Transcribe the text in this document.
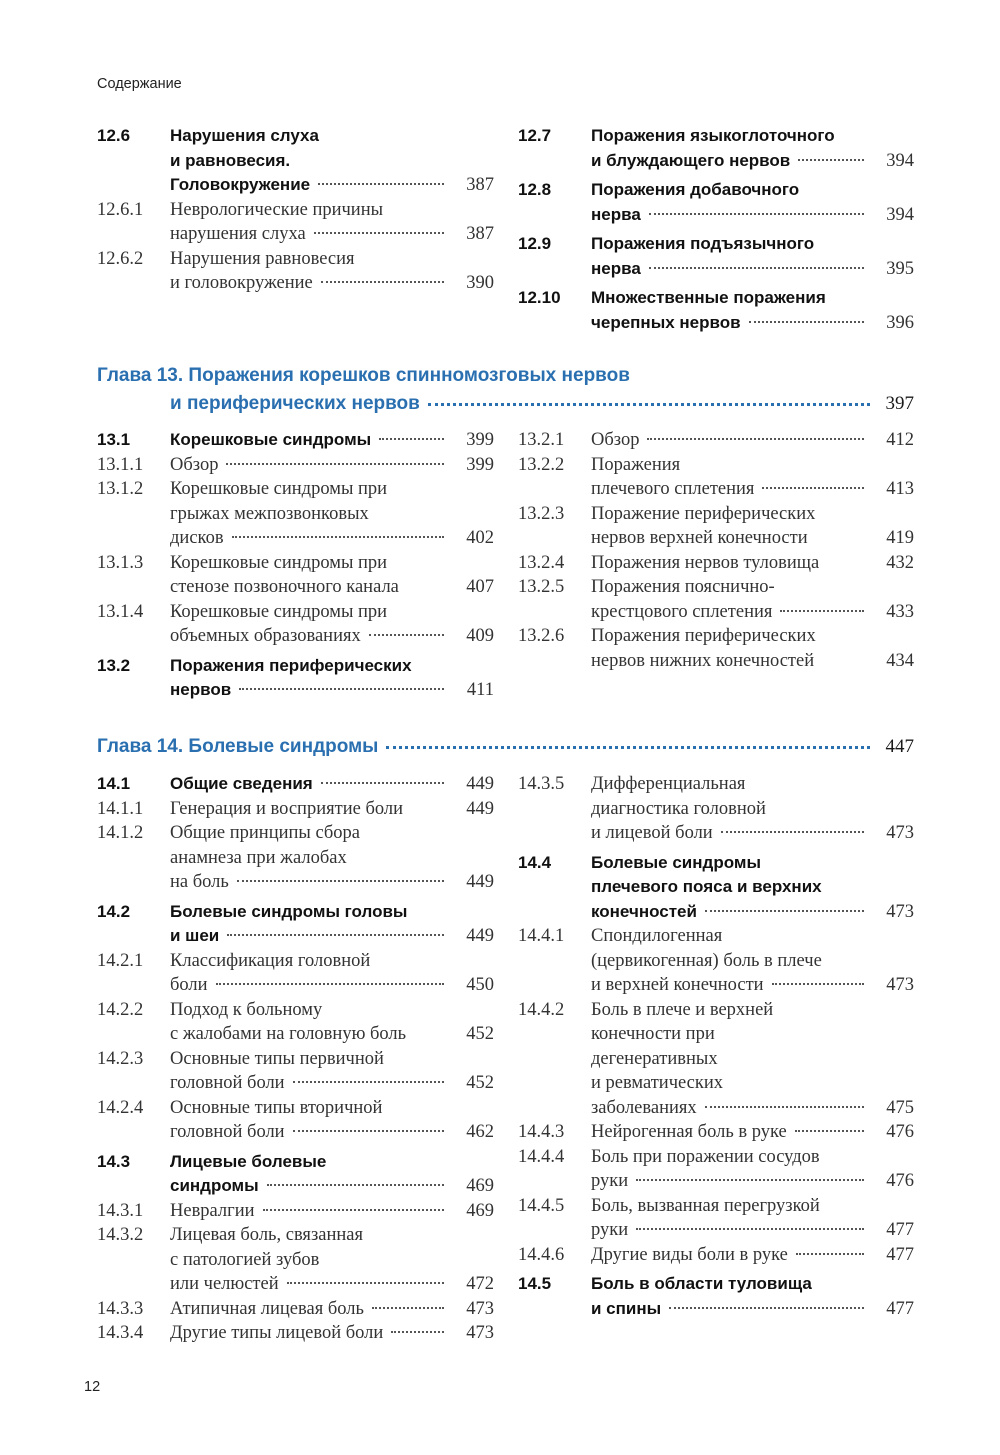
Содержание
12.6	Нарушения слуха
и равновесия.
Головокружение	387
12.6.1	Неврологические причины
нарушения слуха	387
12.6.2	Нарушения равновесия
и головокружение	390
12.7	Поражения языкоглоточного
и блуждающего нервов	394
12.8	Поражения добавочного
нерва	394
12.9	Поражения подъязычного
нерва	395
12.10	Множественные поражения
черепных нервов	396
Глава 13. Поражения корешков спинномозговых нервов
и периферических нервов	397
13.1	Корешковые синдромы	399
13.1.1	Обзор	399
13.1.2	Корешковые синдромы при
грыжах межпозвонковых
дисков	402
13.1.3	Корешковые синдромы при
стенозе позвоночного канала	407
13.1.4	Корешковые синдромы при
объемных образованиях	409
13.2	Поражения периферических
нервов	411
13.2.1	Обзор	412
13.2.2	Поражения
плечевого сплетения	413
13.2.3	Поражение периферических
нервов верхней конечности	419
13.2.4	Поражения нервов туловища	432
13.2.5	Поражения пояснично-
крестцового сплетения	433
13.2.6	Поражения периферических
нервов нижних конечностей	434
Глава 14. Болевые синдромы	447
14.1	Общие сведения	449
14.1.1	Генерация и восприятие боли	449
14.1.2	Общие принципы сбора
анамнеза при жалобах
на боль	449
14.2	Болевые синдромы головы
и шеи	449
14.2.1	Классификация головной
боли	450
14.2.2	Подход к больному
с жалобами на головную боль	452
14.2.3	Основные типы первичной
головной боли	452
14.2.4	Основные типы вторичной
головной боли	462
14.3	Лицевые болевые
синдромы	469
14.3.1	Невралгии	469
14.3.2	Лицевая боль, связанная
с патологией зубов
или челюстей	472
14.3.3	Атипичная лицевая боль	473
14.3.4	Другие типы лицевой боли	473
14.3.5	Дифференциальная
диагностика головной
и лицевой боли	473
14.4	Болевые синдромы
плечевого пояса и верхних
конечностей	473
14.4.1	Спондилогенная
(цервикогенная) боль в плече
и верхней конечности	473
14.4.2	Боль в плече и верхней
конечности при
дегенеративных
и ревматических
заболеваниях	475
14.4.3	Нейрогенная боль в руке	476
14.4.4	Боль при поражении сосудов
руки	476
14.4.5	Боль, вызванная перегрузкой
руки	477
14.4.6	Другие виды боли в руке	477
14.5	Боль в области туловища
и спины	477
12
